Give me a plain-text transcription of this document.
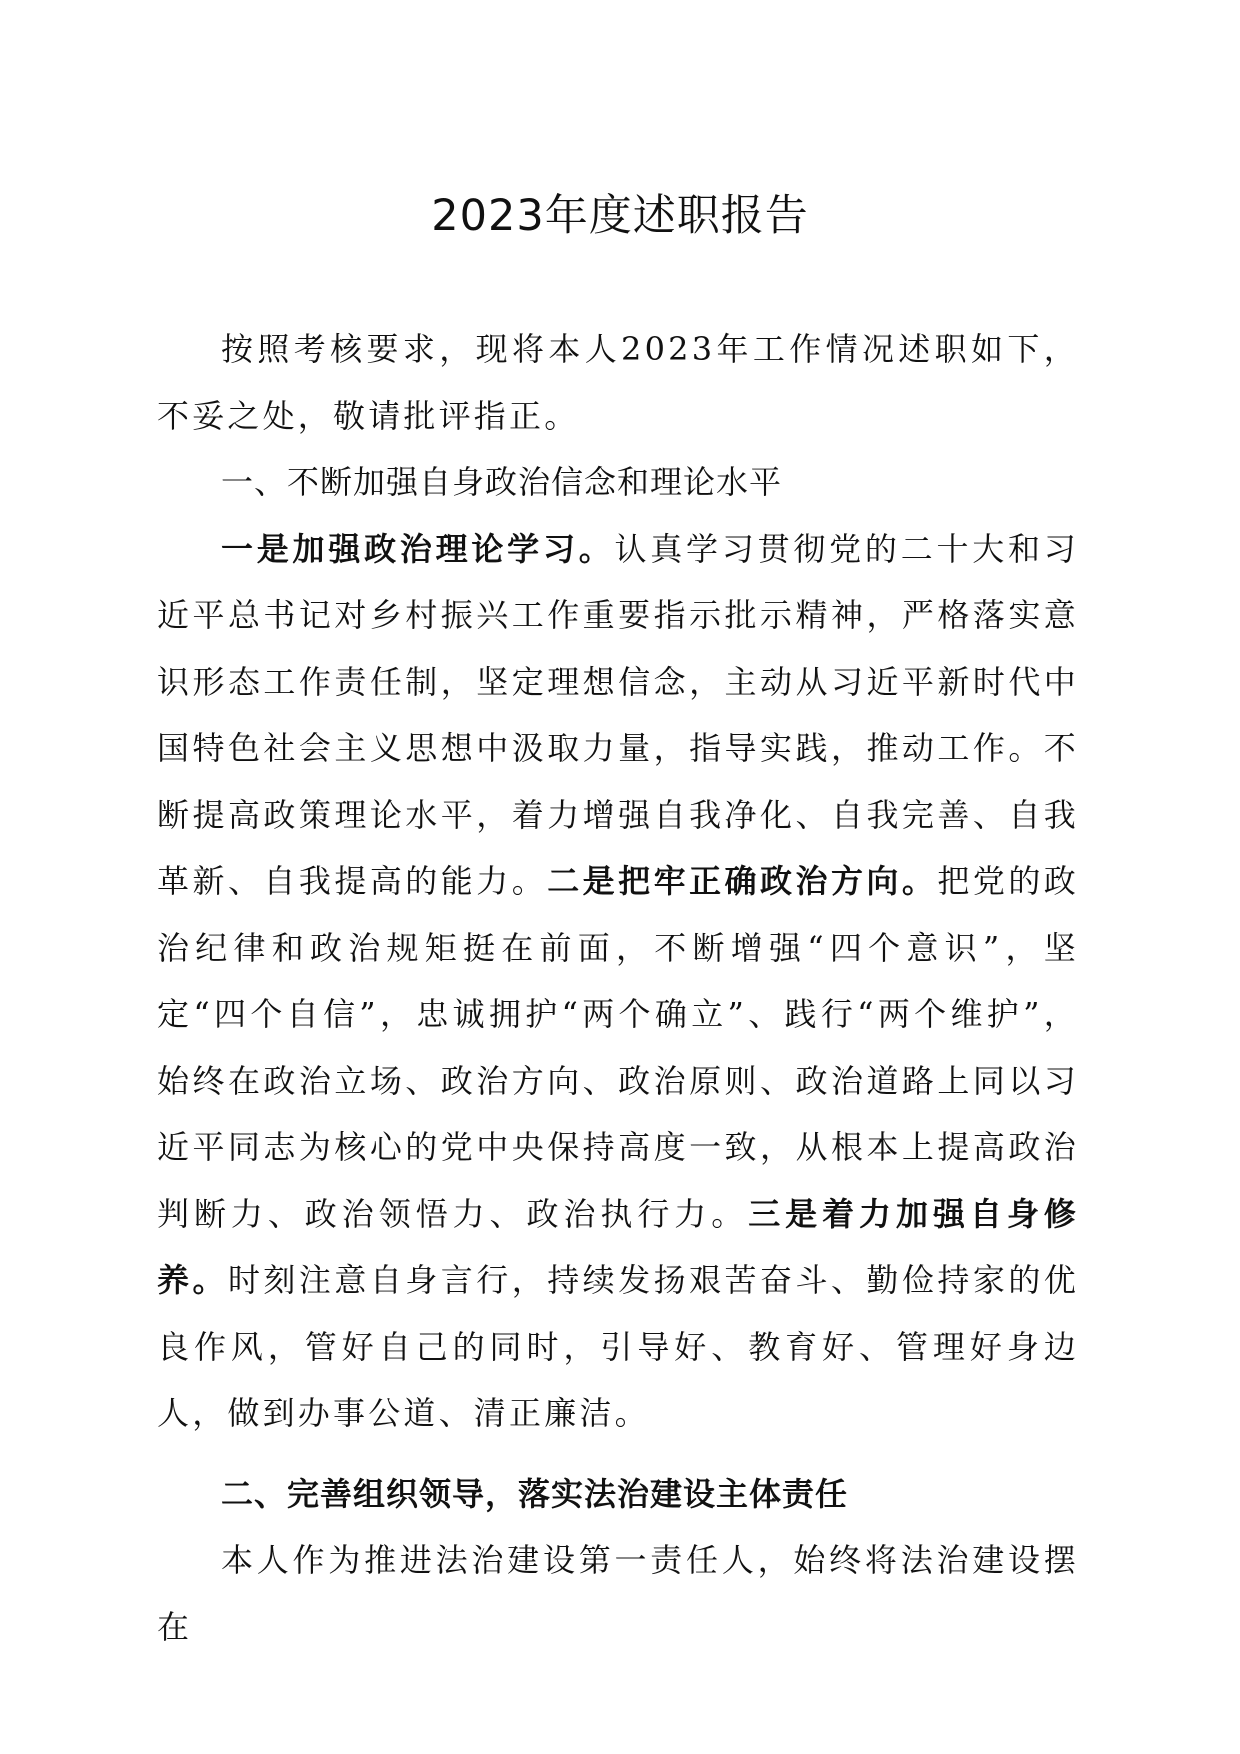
2023年度述职报告

按照考核要求，现将本人2023年工作情况述职如下，不妥之处，敬请批评指正。

一、不断加强自身政治信念和理论水平

一是加强政治理论学习。认真学习贯彻党的二十大和习近平总书记对乡村振兴工作重要指示批示精神，严格落实意识形态工作责任制，坚定理想信念，主动从习近平新时代中国特色社会主义思想中汲取力量，指导实践，推动工作。不断提高政策理论水平，着力增强自我净化、自我完善、自我革新、自我提高的能力。二是把牢正确政治方向。把党的政治纪律和政治规矩挺在前面，不断增强“四个意识”，坚定“四个自信”，忠诚拥护“两个确立”、践行“两个维护”，始终在政治立场、政治方向、政治原则、政治道路上同以习近平同志为核心的党中央保持高度一致，从根本上提高政治判断力、政治领悟力、政治执行力。三是着力加强自身修养。时刻注意自身言行，持续发扬艰苦奋斗、勤俭持家的优良作风，管好自己的同时，引导好、教育好、管理好身边人，做到办事公道、清正廉洁。

二、完善组织领导，落实法治建设主体责任

本人作为推进法治建设第一责任人，始终将法治建设摆在
